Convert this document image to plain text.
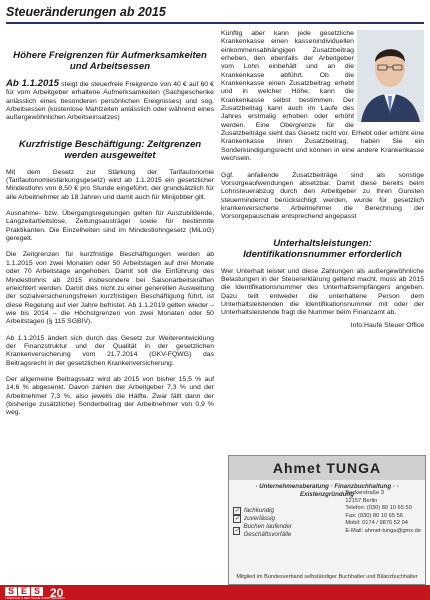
Steueränderungen ab 2015
Höhere Freigrenzen für Aufmerksamkeiten und Arbeitsessen
Ab 1.1.2015 steigt die steuerfreie Freigrenze von 40 € auf 60 € für vom Arbeitgeber erhaltene Aufmerksamkeiten (Sachgeschenke anlässlich eines besonderen persönlichen Ereignisses) und sog. Arbeitsessen (kostenlose Mahlzeiten anlässlich oder während eines außergewöhnlichen Arbeitseinsatzes)
Kurzfristige Beschäftigung: Zeitgrenzen werden ausgeweitet
Mit dem Gesetz zur Stärkung der Tarifautonomie (Tarifautonomiestärkungsgesetz) wird ab 1.1.2015 ein gesetzlicher Mindestlohn von 8,50 € pro Stunde eingeführt, der grundsätzlich für alle Arbeitnehmer ab 18 Jahren und damit auch für Minijobber gilt.
Ausnahme- bzw. Übergangsregelungen gelten für Auszubildende, Langzeitarbeitslose, Zeitungsausträger sowie für bestimmte Praktikanten. Die Einzelheiten sind im Mindestlohngesetz (MiLoG) geregelt.
Die Zeitgrenzen für kurzfristige Beschäftigungen werden ab 1.1.2015 von zwei Monaten oder 50 Arbeitstagen auf drei Monate oder 70 Arbeitstage angehoben. Damit soll die Einführung des Mindestlohns ab 2015 insbesondere bei Saisonarbeitskräften erleichtert werden. Damit dies nicht zu einer generellen Ausweitung der sozialversicherungsfreien kurzfristigen Beschäftigung führt, ist diese Regelung auf vier Jahre befristet. Ab 1.1.2019 gelten wieder – wie bis 2014 – die Höchstgrenzen von zwei Monaten oder 50 Arbeitstagen (§ 115 SGBIV).
Ab 1.1.2015 ändert sich durch das Gesetz zur Weiterentwicklung der Finanzstruktur und der Qualität in der gesetzlichen Krankenversicherung vom 21.7.2014 (GKV-FQWG) das Beitragsrecht in der gesetzlichen Krankenversicherung:
Der allgemeine Beitragssatz wird ab 2015 von bisher 15,5 % auf 14,6 % abgesenkt. Davon zahlen der Arbeitgeber 7,3 % und der Arbeitnehmer 7,3 %, also jeweils die Hälfte. Zwar fällt dann der (bisherige zusätzliche) Sonderbeitrag der Arbeitnehmer von 0,9 % weg.
Künftig aber kann jede gesetzliche Krankenkasse einen kassenindividuellen einkommensabhängigen Zusatzbeitrag erheben, den ebenfalls der Arbeitgeber vom Lohn einbehält und an die Krankenkasse abführt. Ob die Krankenkasse einen Zusatzbeitrag erhebt und in welcher Höhe, kann die Krankenkasse selbst bestimmen. Der Zusatzbeitrag kann auch im Laufe des Jahres erstmalig erhoben oder erhöht werden. Eine Obergrenze für die Zusatzbeiträge sieht das Gesetz nicht vor. Erhebt oder erhöht eine Krankenkasse ihren Zusatzbeitrag, haben Sie ein Sonderkündigungsrecht und können in eine andere Krankenkasse wechseln.
Ggf. anfallende Zusatzbeiträge sind als sonstige Vorsorgeaufwendungen absetzbar. Damit diese bereits beim Lohnsteuerabzug durch den Arbeitgeber zu Ihren Gunsten steuermindernd berücksichtigt werden, wurde für gesetzlich krankenversicherte Arbeitnehmer die Berechnung der Vorsorgepauschale entsprechend angepasst
Unterhaltsleistungen: Identifikationsnummer erforderlich
Wer Unterhalt leistet und diese Zahlungen als außergewöhnliche Belastungen in der Steuererklärung geltend macht, muss ab 2015 die Identifikationsnummer des Unterhaltsempfängers angeben. Dazu teilt entweder die unterhaltene Person dem Unterhaltsleistenden die Identifikationsnummer mit oder der Unterhaltsleistende fragt die Nummer beim Finanzamt ab.
Info:Haufe Steuer Office
Ahmet TUNGA
· Unternehmensberatung · Finanzbuchhaltung · · Existenzgründung
✓ fachkundig
✓ zuverlässig
✓
Buchen laufender Geschäftsvorfälle
Beckerstraße 3
12157 Berlin
Telefon: (030) 80 10 65 50
Fax: (030) 80 10 65 56
Mobil: 0174 / 9876 52 04
E-Mail: ahmet-tunga@gmx.de
Mitglied im Bundesverband selbständiger Buchhalter und Bilanzbuchhalter
S E S
TÜRKISCH & DEUTSCHE STADTMAGAZIN
20
